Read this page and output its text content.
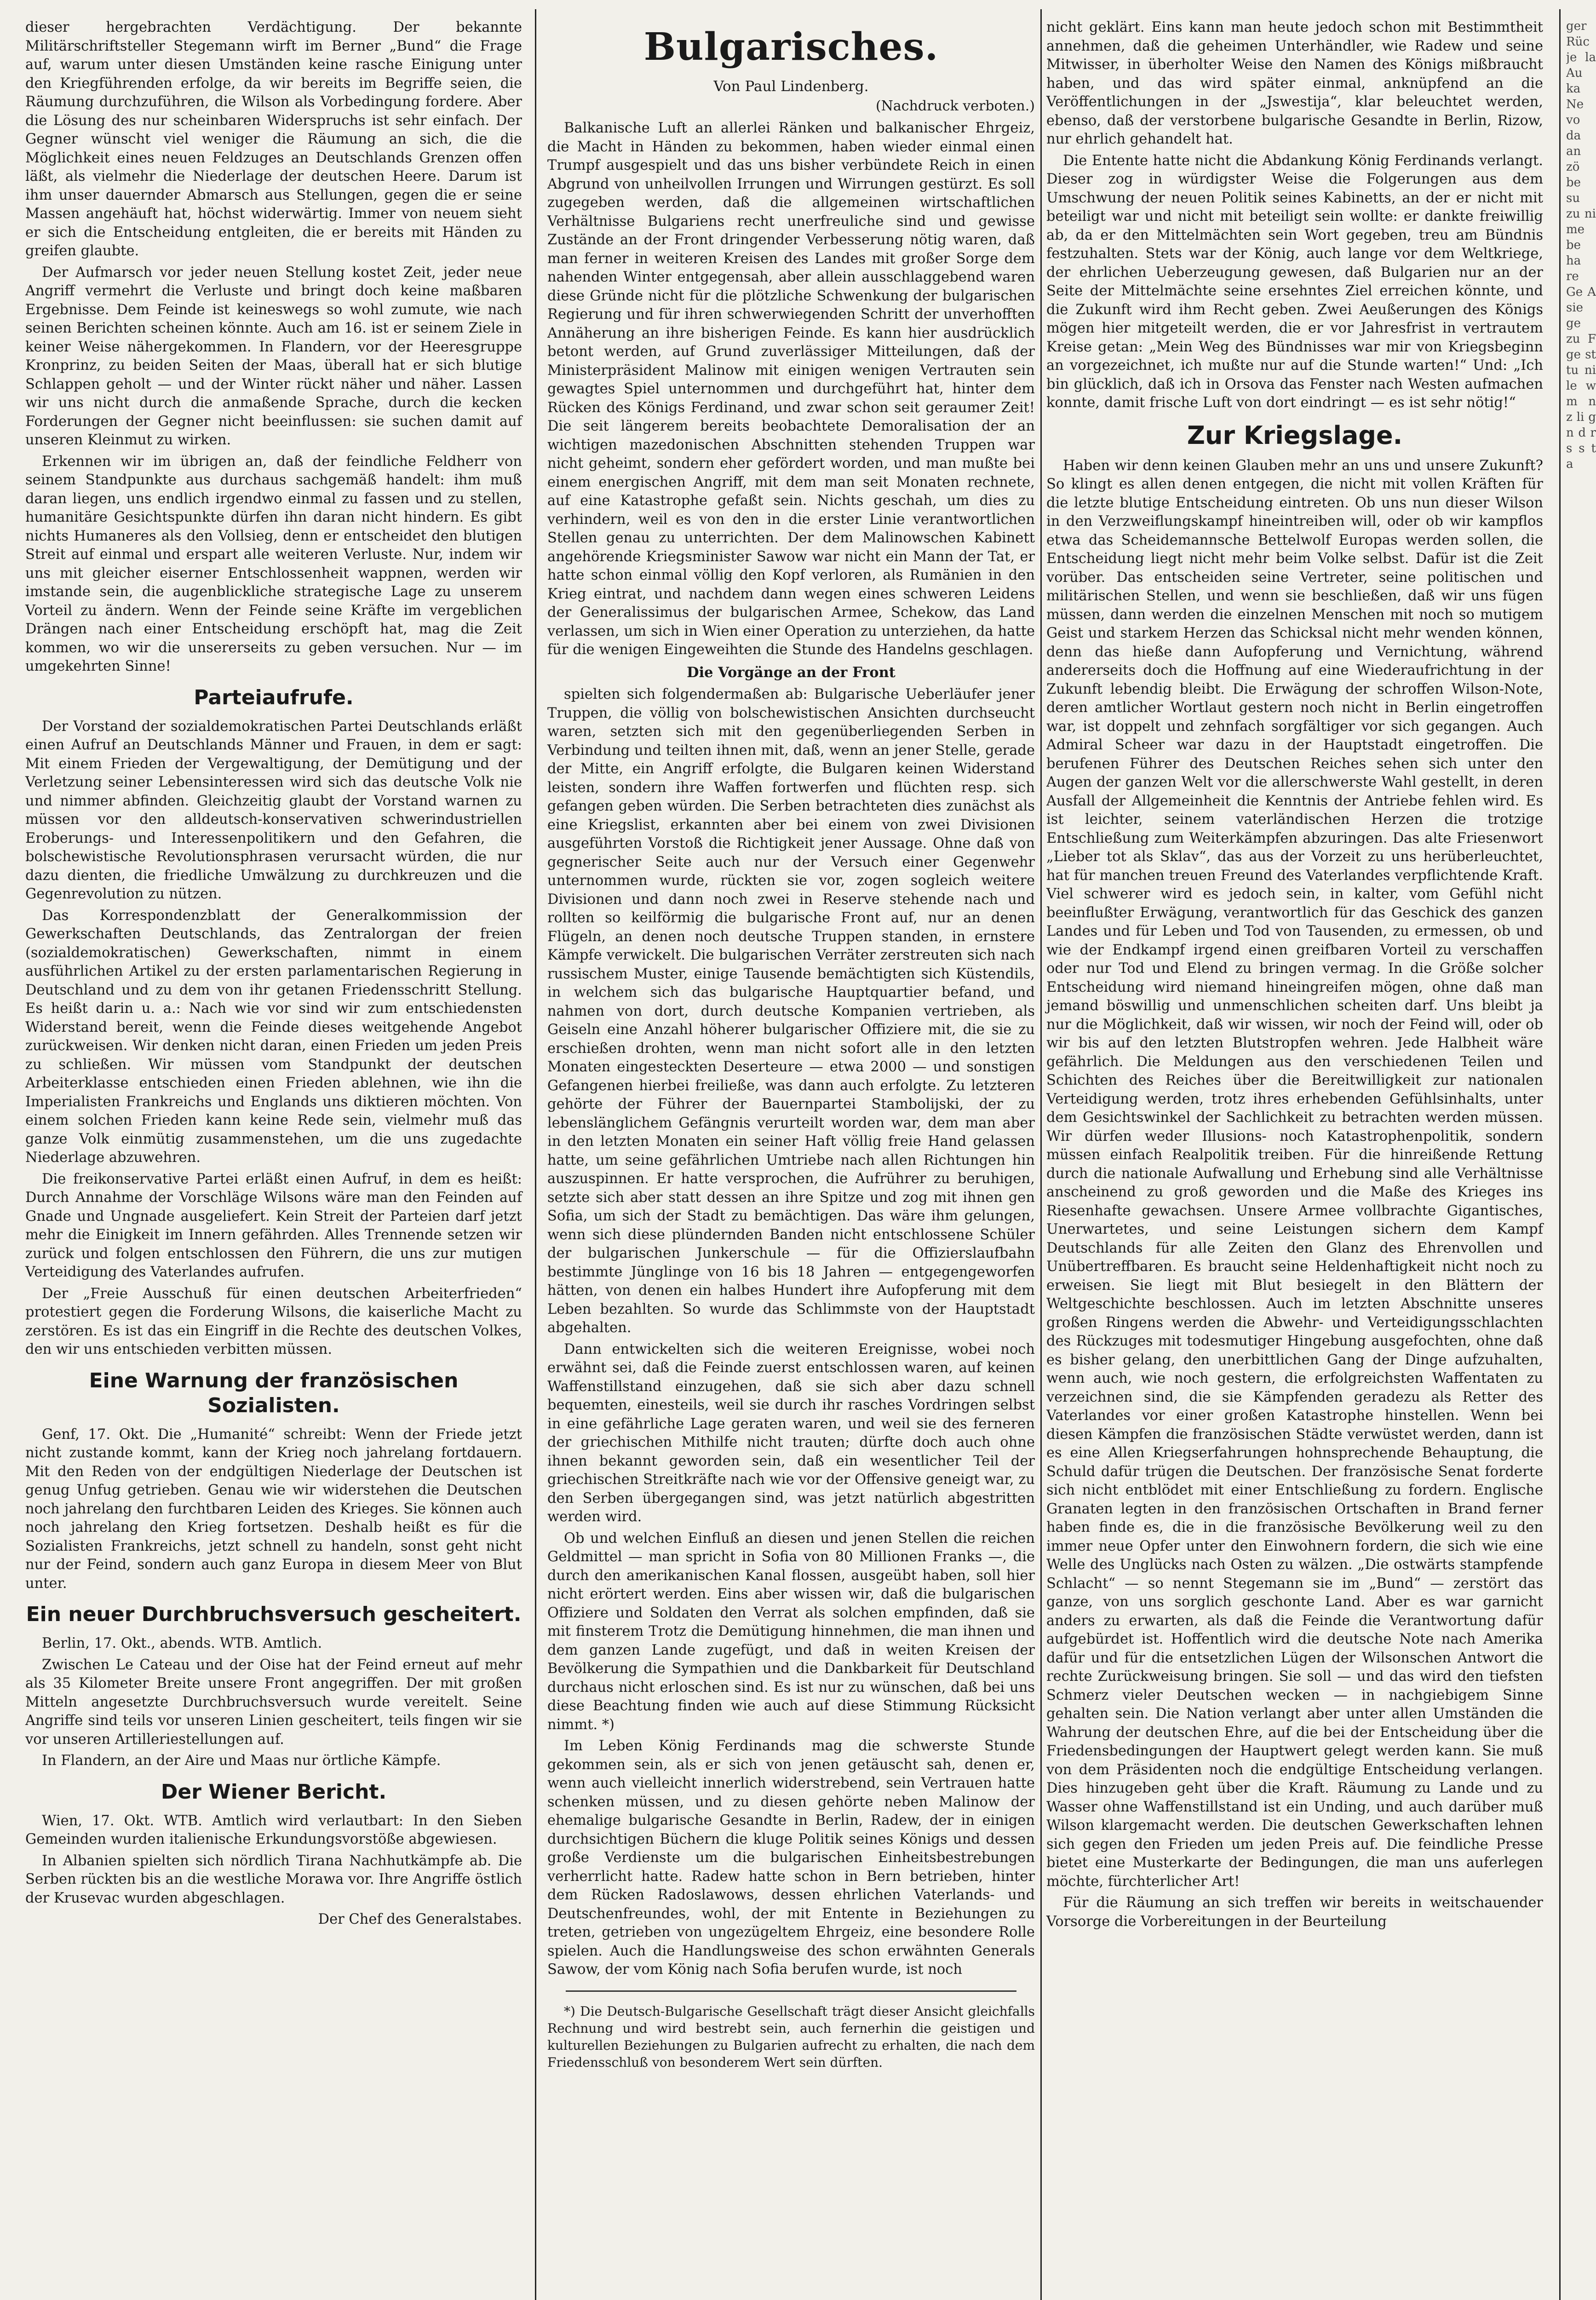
dieser hergebrachten Verdächtigung. Der bekannte Militärschriftsteller Stegemann wirft im Berner „Bund“ die Frage auf, warum unter diesen Umständen keine rasche Einigung unter den Kriegführenden erfolge, da wir bereits im Begriffe seien, die Räumung durchzuführen, die Wilson als Vorbedingung fordere. Aber die Lösung des nur scheinbaren Widerspruchs ist sehr einfach. Der Gegner wünscht viel weniger die Räumung an sich, die die Möglichkeit eines neuen Feldzuges an Deutschlands Grenzen offen läßt, als vielmehr die Niederlage der deutschen Heere. Darum ist ihm unser dauernder Abmarsch aus Stellungen, gegen die er seine Massen angehäuft hat, höchst widerwärtig. Immer von neuem sieht er sich die Entscheidung entgleiten, die er bereits mit Händen zu greifen glaubte.

Der Aufmarsch vor jeder neuen Stellung kostet Zeit, jeder neue Angriff vermehrt die Verluste und bringt doch keine maßbaren Ergebnisse. Dem Feinde ist keineswegs so wohl zumute, wie nach seinen Berichten scheinen könnte. Auch am 16. ist er seinem Ziele in keiner Weise nähergekommen. In Flandern, vor der Heeresgruppe Kronprinz, zu beiden Seiten der Maas, überall hat er sich blutige Schlappen geholt — und der Winter rückt näher und näher. Lassen wir uns nicht durch die anmaßende Sprache, durch die kecken Forderungen der Gegner nicht beeinflussen: sie suchen damit auf unseren Kleinmut zu wirken.

Erkennen wir im übrigen an, daß der feindliche Feldherr von seinem Standpunkte aus durchaus sachgemäß handelt: ihm muß daran liegen, uns endlich irgendwo einmal zu fassen und zu stellen, humanitäre Gesichtspunkte dürfen ihn daran nicht hindern. Es gibt nichts Humaneres als den Vollsieg, denn er entscheidet den blutigen Streit auf einmal und erspart alle weiteren Verluste. Nur, indem wir uns mit gleicher eiserner Entschlossenheit wappnen, werden wir imstande sein, die augenblickliche strategische Lage zu unserem Vorteil zu ändern. Wenn der Feinde seine Kräfte im vergeblichen Drängen nach einer Entscheidung erschöpft hat, mag die Zeit kommen, wo wir die unsererseits zu geben versuchen. Nur — im umgekehrten Sinne!

Parteiaufrufe.

Der Vorstand der sozialdemokratischen Partei Deutschlands erläßt einen Aufruf an Deutschlands Männer und Frauen, in dem er sagt: Mit einem Frieden der Vergewaltigung, der Demütigung und der Verletzung seiner Lebensinteressen wird sich das deutsche Volk nie und nimmer abfinden. Gleichzeitig glaubt der Vorstand warnen zu müssen vor den alldeutsch-konservativen schwerindustriellen Eroberungs- und Interessenpolitikern und den Gefahren, die bolschewistische Revolutionsphrasen verursacht würden, die nur dazu dienten, die friedliche Umwälzung zu durchkreuzen und die Gegenrevolution zu nützen.

Das Korrespondenzblatt der Generalkommission der Gewerkschaften Deutschlands, das Zentralorgan der freien (sozialdemokratischen) Gewerkschaften, nimmt in einem ausführlichen Artikel zu der ersten parlamentarischen Regierung in Deutschland und zu dem von ihr getanen Friedensschritt Stellung. Es heißt darin u. a.: Nach wie vor sind wir zum entschiedensten Widerstand bereit, wenn die Feinde dieses weitgehende Angebot zurückweisen. Wir denken nicht daran, einen Frieden um jeden Preis zu schließen. Wir müssen vom Standpunkt der deutschen Arbeiterklasse entschieden einen Frieden ablehnen, wie ihn die Imperialisten Frankreichs und Englands uns diktieren möchten. Von einem solchen Frieden kann keine Rede sein, vielmehr muß das ganze Volk einmütig zusammenstehen, um die uns zugedachte Niederlage abzuwehren.

Die freikonservative Partei erläßt einen Aufruf, in dem es heißt: Durch Annahme der Vorschläge Wilsons wäre man den Feinden auf Gnade und Ungnade ausgeliefert. Kein Streit der Parteien darf jetzt mehr die Einigkeit im Innern gefährden. Alles Trennende setzen wir zurück und folgen entschlossen den Führern, die uns zur mutigen Verteidigung des Vaterlandes aufrufen.

Der „Freie Ausschuß für einen deutschen Arbeiterfrieden“ protestiert gegen die Forderung Wilsons, die kaiserliche Macht zu zerstören. Es ist das ein Eingriff in die Rechte des deutschen Volkes, den wir uns entschieden verbitten müssen.

Eine Warnung der französischen Sozialisten.

Genf, 17. Okt. Die „Humanité“ schreibt: Wenn der Friede jetzt nicht zustande kommt, kann der Krieg noch jahrelang fortdauern. Mit den Reden von der endgültigen Niederlage der Deutschen ist genug Unfug getrieben. Genau wie wir widerstehen die Deutschen noch jahrelang den furchtbaren Leiden des Krieges. Sie können auch noch jahrelang den Krieg fortsetzen. Deshalb heißt es für die Sozialisten Frankreichs, jetzt schnell zu handeln, sonst geht nicht nur der Feind, sondern auch ganz Europa in diesem Meer von Blut unter.

Ein neuer Durchbruchsversuch gescheitert.

Berlin, 17. Okt., abends. WTB. Amtlich.

Zwischen Le Cateau und der Oise hat der Feind erneut auf mehr als 35 Kilometer Breite unsere Front angegriffen. Der mit großen Mitteln angesetzte Durchbruchsversuch wurde vereitelt. Seine Angriffe sind teils vor unseren Linien gescheitert, teils fingen wir sie vor unseren Artilleriestellungen auf.

In Flandern, an der Aire und Maas nur örtliche Kämpfe.

Der Wiener Bericht.

Wien, 17. Okt. WTB. Amtlich wird verlautbart: In den Sieben Gemeinden wurden italienische Erkundungsvorstöße abgewiesen.

In Albanien spielten sich nördlich Tirana Nachhutkämpfe ab. Die Serben rückten bis an die westliche Morawa vor. Ihre Angriffe östlich der Krusevac wurden abgeschlagen.

Der Chef des Generalstabes.

Bulgarisches.

Von Paul Lindenberg.

(Nachdruck verboten.)

Balkanische Luft an allerlei Ränken und balkanischer Ehrgeiz, die Macht in Händen zu bekommen, haben wieder einmal einen Trumpf ausgespielt und das uns bisher verbündete Reich in einen Abgrund von unheilvollen Irrungen und Wirrungen gestürzt. Es soll zugegeben werden, daß die allgemeinen wirtschaftlichen Verhältnisse Bulgariens recht unerfreuliche sind und gewisse Zustände an der Front dringender Verbesserung nötig waren, daß man ferner in weiteren Kreisen des Landes mit großer Sorge dem nahenden Winter entgegensah, aber allein ausschlaggebend waren diese Gründe nicht für die plötzliche Schwenkung der bulgarischen Regierung und für ihren schwerwiegenden Schritt der unverhofften Annäherung an ihre bisherigen Feinde. Es kann hier ausdrücklich betont werden, auf Grund zuverlässiger Mitteilungen, daß der Ministerpräsident Malinow mit einigen wenigen Vertrauten sein gewagtes Spiel unternommen und durchgeführt hat, hinter dem Rücken des Königs Ferdinand, und zwar schon seit geraumer Zeit! Die seit längerem bereits beobachtete Demoralisation der an wichtigen mazedonischen Abschnitten stehenden Truppen war nicht geheimt, sondern eher gefördert worden, und man mußte bei einem energischen Angriff, mit dem man seit Monaten rechnete, auf eine Katastrophe gefaßt sein. Nichts geschah, um dies zu verhindern, weil es von den in die erster Linie verantwortlichen Stellen genau zu unterrichten. Der dem Malinowschen Kabinett angehörende Kriegsminister Sawow war nicht ein Mann der Tat, er hatte schon einmal völlig den Kopf verloren, als Rumänien in den Krieg eintrat, und nachdem dann wegen eines schweren Leidens der Generalissimus der bulgarischen Armee, Schekow, das Land verlassen, um sich in Wien einer Operation zu unterziehen, da hatte für die wenigen Eingeweihten die Stunde des Handelns geschlagen.

Die Vorgänge an der Front

spielten sich folgendermaßen ab: Bulgarische Ueberläufer jener Truppen, die völlig von bolschewistischen Ansichten durchseucht waren, setzten sich mit den gegenüberliegenden Serben in Verbindung und teilten ihnen mit, daß, wenn an jener Stelle, gerade der Mitte, ein Angriff erfolgte, die Bulgaren keinen Widerstand leisten, sondern ihre Waffen fortwerfen und flüchten resp. sich gefangen geben würden. Die Serben betrachteten dies zunächst als eine Kriegslist, erkannten aber bei einem von zwei Divisionen ausgeführten Vorstoß die Richtigkeit jener Aussage. Ohne daß von gegnerischer Seite auch nur der Versuch einer Gegenwehr unternommen wurde, rückten sie vor, zogen sogleich weitere Divisionen und dann noch zwei in Reserve stehende nach und rollten so keilförmig die bulgarische Front auf, nur an denen Flügeln, an denen noch deutsche Truppen standen, in ernstere Kämpfe verwickelt. Die bulgarischen Verräter zerstreuten sich nach russischem Muster, einige Tausende bemächtigten sich Küstendils, in welchem sich das bulgarische Hauptquartier befand, und nahmen von dort, durch deutsche Kompanien vertrieben, als Geiseln eine Anzahl höherer bulgarischer Offiziere mit, die sie zu erschießen drohten, wenn man nicht sofort alle in den letzten Monaten eingesteckten Deserteure — etwa 2000 — und sonstigen Gefangenen hierbei freiließe, was dann auch erfolgte. Zu letzteren gehörte der Führer der Bauernpartei Stambolijski, der zu lebenslänglichem Gefängnis verurteilt worden war, dem man aber in den letzten Monaten ein seiner Haft völlig freie Hand gelassen hatte, um seine gefährlichen Umtriebe nach allen Richtungen hin auszuspinnen. Er hatte versprochen, die Aufrührer zu beruhigen, setzte sich aber statt dessen an ihre Spitze und zog mit ihnen gen Sofia, um sich der Stadt zu bemächtigen. Das wäre ihm gelungen, wenn sich diese plündernden Banden nicht entschlossene Schüler der bulgarischen Junkerschule — für die Offizierslaufbahn bestimmte Jünglinge von 16 bis 18 Jahren — entgegengeworfen hätten, von denen ein halbes Hundert ihre Aufopferung mit dem Leben bezahlten. So wurde das Schlimmste von der Hauptstadt abgehalten.

Dann entwickelten sich die weiteren Ereignisse, wobei noch erwähnt sei, daß die Feinde zuerst entschlossen waren, auf keinen Waffenstillstand einzugehen, daß sie sich aber dazu schnell bequemten, einesteils, weil sie durch ihr rasches Vordringen selbst in eine gefährliche Lage geraten waren, und weil sie des ferneren der griechischen Mithilfe nicht trauten; dürfte doch auch ohne ihnen bekannt geworden sein, daß ein wesentlicher Teil der griechischen Streitkräfte nach wie vor der Offensive geneigt war, zu den Serben übergegangen sind, was jetzt natürlich abgestritten werden wird.

Ob und welchen Einfluß an diesen und jenen Stellen die reichen Geldmittel — man spricht in Sofia von 80 Millionen Franks —, die durch den amerikanischen Kanal flossen, ausgeübt haben, soll hier nicht erörtert werden. Eins aber wissen wir, daß die bulgarischen Offiziere und Soldaten den Verrat als solchen empfinden, daß sie mit finsterem Trotz die Demütigung hinnehmen, die man ihnen und dem ganzen Lande zugefügt, und daß in weiten Kreisen der Bevölkerung die Sympathien und die Dankbarkeit für Deutschland durchaus nicht erloschen sind. Es ist nur zu wünschen, daß bei uns diese Beachtung finden wie auch auf diese Stimmung Rücksicht nimmt. *)

Im Leben König Ferdinands mag die schwerste Stunde gekommen sein, als er sich von jenen getäuscht sah, denen er, wenn auch vielleicht innerlich widerstrebend, sein Vertrauen hatte schenken müssen, und zu diesen gehörte neben Malinow der ehemalige bulgarische Gesandte in Berlin, Radew, der in einigen durchsichtigen Büchern die kluge Politik seines Königs und dessen große Verdienste um die bulgarischen Einheitsbestrebungen verherrlicht hatte. Radew hatte schon in Bern betrieben, hinter dem Rücken Radoslawows, dessen ehrlichen Vaterlands- und Deutschenfreundes, wohl, der mit Entente in Beziehungen zu treten, getrieben von ungezügeltem Ehrgeiz, eine besondere Rolle spielen. Auch die Handlungsweise des schon erwähnten Generals Sawow, der vom König nach Sofia berufen wurde, ist noch

*) Die Deutsch-Bulgarische Gesellschaft trägt dieser Ansicht gleichfalls Rechnung und wird bestrebt sein, auch fernerhin die geistigen und kulturellen Beziehungen zu Bulgarien aufrecht zu erhalten, die nach dem Friedensschluß von besonderem Wert sein dürften.

nicht geklärt. Eins kann man heute jedoch schon mit Bestimmtheit annehmen, daß die geheimen Unterhändler, wie Radew und seine Mitwisser, in überholter Weise den Namen des Königs mißbraucht haben, und das wird später einmal, anknüpfend an die Veröffentlichungen in der „Jswestija“, klar beleuchtet werden, ebenso, daß der verstorbene bulgarische Gesandte in Berlin, Rizow, nur ehrlich gehandelt hat.

Die Entente hatte nicht die Abdankung König Ferdinands verlangt. Dieser zog in würdigster Weise die Folgerungen aus dem Umschwung der neuen Politik seines Kabinetts, an der er nicht mit beteiligt war und nicht mit beteiligt sein wollte: er dankte freiwillig ab, da er den Mittelmächten sein Wort gegeben, treu am Bündnis festzuhalten. Stets war der König, auch lange vor dem Weltkriege, der ehrlichen Ueberzeugung gewesen, daß Bulgarien nur an der Seite der Mittelmächte seine ersehntes Ziel erreichen könnte, und die Zukunft wird ihm Recht geben. Zwei Aeußerungen des Königs mögen hier mitgeteilt werden, die er vor Jahresfrist in vertrautem Kreise getan: „Mein Weg des Bündnisses war mir von Kriegsbeginn an vorgezeichnet, ich mußte nur auf die Stunde warten!“ Und: „Ich bin glücklich, daß ich in Orsova das Fenster nach Westen aufmachen konnte, damit frische Luft von dort eindringt — es ist sehr nötig!“

Zur Kriegslage.

Haben wir denn keinen Glauben mehr an uns und unsere Zukunft? So klingt es allen denen entgegen, die nicht mit vollen Kräften für die letzte blutige Entscheidung eintreten. Ob uns nun dieser Wilson in den Verzweiflungskampf hineintreiben will, oder ob wir kampflos etwa das Scheidemannsche Bettelwolf Europas werden sollen, die Entscheidung liegt nicht mehr beim Volke selbst. Dafür ist die Zeit vorüber. Das entscheiden seine Vertreter, seine politischen und militärischen Stellen, und wenn sie beschließen, daß wir uns fügen müssen, dann werden die einzelnen Menschen mit noch so mutigem Geist und starkem Herzen das Schicksal nicht mehr wenden können, denn das hieße dann Aufopferung und Vernichtung, während andererseits doch die Hoffnung auf eine Wiederaufrichtung in der Zukunft lebendig bleibt. Die Erwägung der schroffen Wilson-Note, deren amtlicher Wortlaut gestern noch nicht in Berlin eingetroffen war, ist doppelt und zehnfach sorgfältiger vor sich gegangen. Auch Admiral Scheer war dazu in der Hauptstadt eingetroffen. Die berufenen Führer des Deutschen Reiches sehen sich unter den Augen der ganzen Welt vor die allerschwerste Wahl gestellt, in deren Ausfall der Allgemeinheit die Kenntnis der Antriebe fehlen wird. Es ist leichter, seinem vaterländischen Herzen die trotzige Entschließung zum Weiterkämpfen abzuringen. Das alte Friesenwort „Lieber tot als Sklav“, das aus der Vorzeit zu uns herüberleuchtet, hat für manchen treuen Freund des Vaterlandes verpflichtende Kraft. Viel schwerer wird es jedoch sein, in kalter, vom Gefühl nicht beeinflußter Erwägung, verantwortlich für das Geschick des ganzen Landes und für Leben und Tod von Tausenden, zu ermessen, ob und wie der Endkampf irgend einen greifbaren Vorteil zu verschaffen oder nur Tod und Elend zu bringen vermag. In die Größe solcher Entscheidung wird niemand hineingreifen mögen, ohne daß man jemand böswillig und unmenschlichen scheiten darf. Uns bleibt ja nur die Möglichkeit, daß wir wissen, wir noch der Feind will, oder ob wir bis auf den letzten Blutstropfen wehren. Jede Halbheit wäre gefährlich. Die Meldungen aus den verschiedenen Teilen und Schichten des Reiches über die Bereitwilligkeit zur nationalen Verteidigung werden, trotz ihres erhebenden Gefühlsinhalts, unter dem Gesichtswinkel der Sachlichkeit zu betrachten werden müssen. Wir dürfen weder Illusions- noch Katastrophenpolitik, sondern müssen einfach Realpolitik treiben. Für die hinreißende Rettung durch die nationale Aufwallung und Erhebung sind alle Verhältnisse anscheinend zu groß geworden und die Maße des Krieges ins Riesenhafte gewachsen. Unsere Armee vollbrachte Gigantisches, Unerwartetes, und seine Leistungen sichern dem Kampf Deutschlands für alle Zeiten den Glanz des Ehrenvollen und Unübertreffbaren. Es braucht seine Heldenhaftigkeit nicht noch zu erweisen. Sie liegt mit Blut besiegelt in den Blättern der Weltgeschichte beschlossen. Auch im letzten Abschnitte unseres großen Ringens werden die Abwehr- und Verteidigungsschlachten des Rückzuges mit todesmutiger Hingebung ausgefochten, ohne daß es bisher gelang, den unerbittlichen Gang der Dinge aufzuhalten, wenn auch, wie noch gestern, die erfolgreichsten Waffentaten zu verzeichnen sind, die sie Kämpfenden geradezu als Retter des Vaterlandes vor einer großen Katastrophe hinstellen. Wenn bei diesen Kämpfen die französischen Städte verwüstet werden, dann ist es eine Allen Kriegserfahrungen hohnsprechende Behauptung, die Schuld dafür trügen die Deutschen. Der französische Senat forderte sich nicht entblödet mit einer Entschließung zu fordern. Englische Granaten legten in den französischen Ortschaften in Brand ferner haben finde es, die in die französische Bevölkerung weil zu den immer neue Opfer unter den Einwohnern fordern, die sich wie eine Welle des Unglücks nach Osten zu wälzen. „Die ostwärts stampfende Schlacht“ — so nennt Stegemann sie im „Bund“ — zerstört das ganze, von uns sorglich geschonte Land. Aber es war garnicht anders zu erwarten, als daß die Feinde die Verantwortung dafür aufgebürdet ist. Hoffentlich wird die deutsche Note nach Amerika dafür und für die entsetzlichen Lügen der Wilsonschen Antwort die rechte Zurückweisung bringen. Sie soll — und das wird den tiefsten Schmerz vieler Deutschen wecken — in nachgiebigem Sinne gehalten sein. Die Nation verlangt aber unter allen Umständen die Wahrung der deutschen Ehre, auf die bei der Entscheidung über die Friedensbedingungen der Hauptwert gelegt werden kann. Sie muß von dem Präsidenten noch die endgültige Entscheidung verlangen. Dies hinzugeben geht über die Kraft. Räumung zu Lande und zu Wasser ohne Waffenstillstand ist ein Unding, und auch darüber muß Wilson klargemacht werden. Die deutschen Gewerkschaften lehnen sich gegen den Frieden um jeden Preis auf. Die feindliche Presse bietet eine Musterkarte der Bedingungen, die man uns auferlegen möchte, fürchterlicher Art!

Für die Räumung an sich treffen wir bereits in weitschauender Vorsorge die Vorbereitungen in der Beurteilung

ger Rüc je la Au ka Ne vo da an zö be su zu ni me be ha re Ge A sie ge zu F ge st tu ni le w m n z li g n d r s s t a
